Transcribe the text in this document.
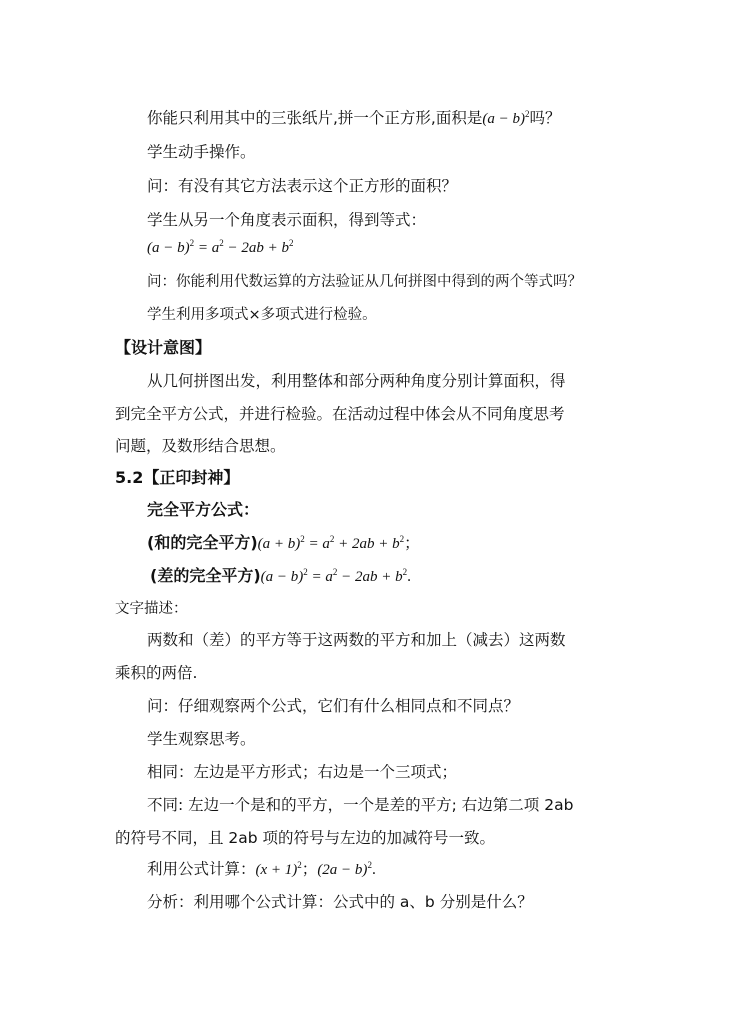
你能只利用其中的三张纸片,拼一个正方形,面积是$(a - b)^2$吗？
学生动手操作。
问：有没有其它方法表示这个正方形的面积？
学生从另一个角度表示面积，得到等式：
$(a - b)^2 = a^2 - 2ab + b^2$
问：你能利用代数运算的方法验证从几何拼图中得到的两个等式吗？
学生利用多项式×多项式进行检验。
【设计意图】
从几何拼图出发，利用整体和部分两种角度分别计算面积，得
到完全平方公式，并进行检验。在活动过程中体会从不同角度思考
问题，及数形结合思想。
5.2【正印封神】
完全平方公式：
(和的完全平方)$(a + b)^2 = a^2 + 2ab + b^2$；
(差的完全平方)$(a - b)^2 = a^2 - 2ab + b^2$.
文字描述：
两数和（差）的平方等于这两数的平方和加上（减去）这两数
乘积的两倍.
问：仔细观察两个公式，它们有什么相同点和不同点？
学生观察思考。
相同：左边是平方形式；右边是一个三项式；
不同: 左边一个是和的平方，一个是差的平方; 右边第二项 2ab
的符号不同，且 2ab 项的符号与左边的加减符号一致。
利用公式计算：$(x + 1)^2$；$(2a - b)^2$.
分析：利用哪个公式计算：公式中的 a、b 分别是什么？
